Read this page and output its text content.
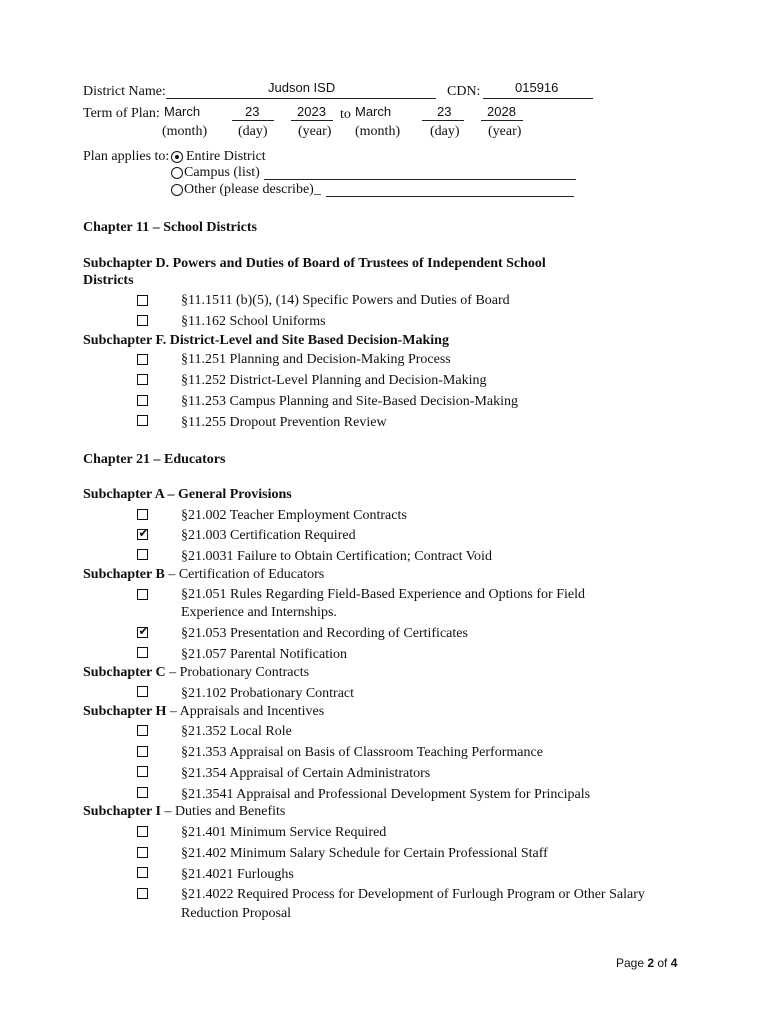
District Name:	Judson ISD	CDN:	015916
Term of Plan: March	23	2023 to March	23	2028
(month) (day) (year) (month) (day) (year)
Plan applies to: Entire District
Campus (list)
Other (please describe)_
Chapter 11 – School Districts
Subchapter D. Powers and Duties of Board of Trustees of Independent School
Districts
§11.1511 (b)(5), (14) Specific Powers and Duties of Board
§11.162 School Uniforms
Subchapter F. District-Level and Site Based Decision-Making
§11.251 Planning and Decision-Making Process
§11.252 District-Level Planning and Decision-Making
§11.253 Campus Planning and Site-Based Decision-Making
§11.255 Dropout Prevention Review
Chapter 21 – Educators
Subchapter A – General Provisions
§21.002 Teacher Employment Contracts
✔ §21.003 Certification Required
§21.0031 Failure to Obtain Certification; Contract Void
Subchapter B – Certification of Educators
§21.051 Rules Regarding Field-Based Experience and Options for Field
Experience and Internships.
✔ §21.053 Presentation and Recording of Certificates
§21.057 Parental Notification
Subchapter C – Probationary Contracts
§21.102 Probationary Contract
Subchapter H – Appraisals and Incentives
§21.352 Local Role
§21.353 Appraisal on Basis of Classroom Teaching Performance
§21.354 Appraisal of Certain Administrators
§21.3541 Appraisal and Professional Development System for Principals
Subchapter I – Duties and Benefits
§21.401 Minimum Service Required
§21.402 Minimum Salary Schedule for Certain Professional Staff
§21.4021 Furloughs
§21.4022 Required Process for Development of Furlough Program or Other Salary
Reduction Proposal
Page 2 of 4
